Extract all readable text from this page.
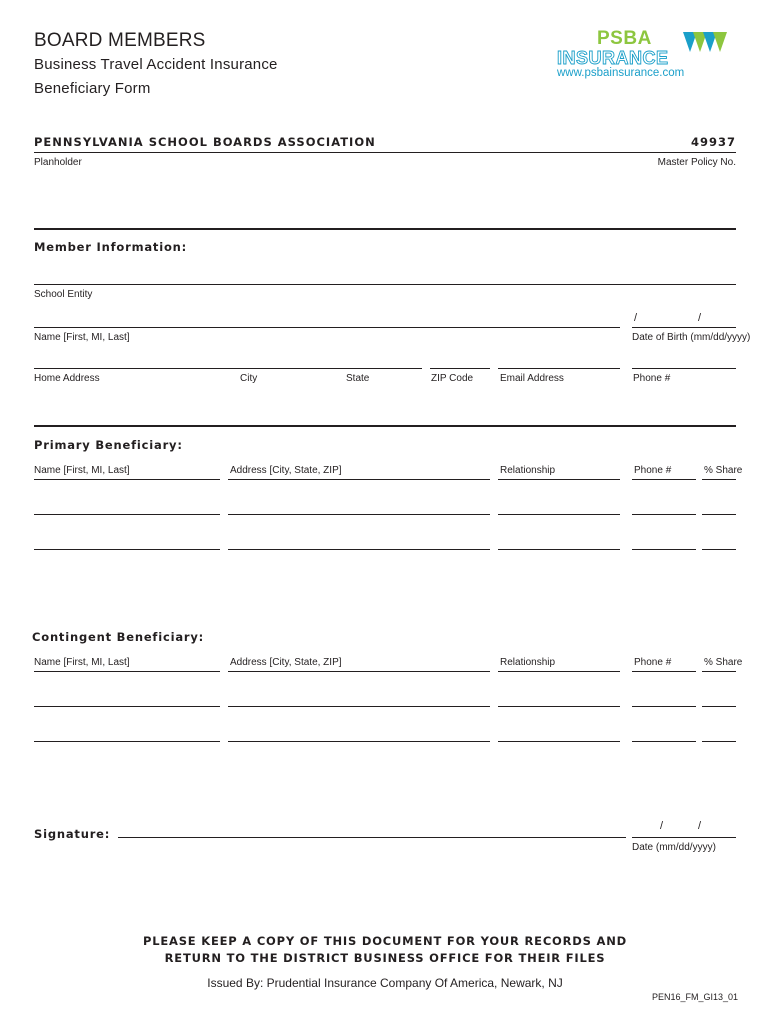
BOARD MEMBERS
Business Travel Accident Insurance
Beneficiary Form
PSBA
INSURANCE
www.psbainsurance.com
PENNSYLVANIA SCHOOL BOARDS ASSOCIATION	49937
Planholder	Master Policy No.
Member Information:
School Entity
/	/
Name [First, MI, Last]	Date of Birth (mm/dd/yyyy)
Home Address	City	State	ZIP Code	Email Address	Phone #
Primary Beneficiary:
Name [First, MI, Last]	Address [City, State, ZIP]	Relationship	Phone #	% Share
Contingent Beneficiary:
Name [First, MI, Last]	Address [City, State, ZIP]	Relationship	Phone #	% Share
Signature:
/	/
Date (mm/dd/yyyy)
PLEASE KEEP A COPY OF THIS DOCUMENT FOR YOUR RECORDS AND
RETURN TO THE DISTRICT BUSINESS OFFICE FOR THEIR FILES
Issued By: Prudential Insurance Company Of America, Newark, NJ
PEN16_FM_GI13_01
